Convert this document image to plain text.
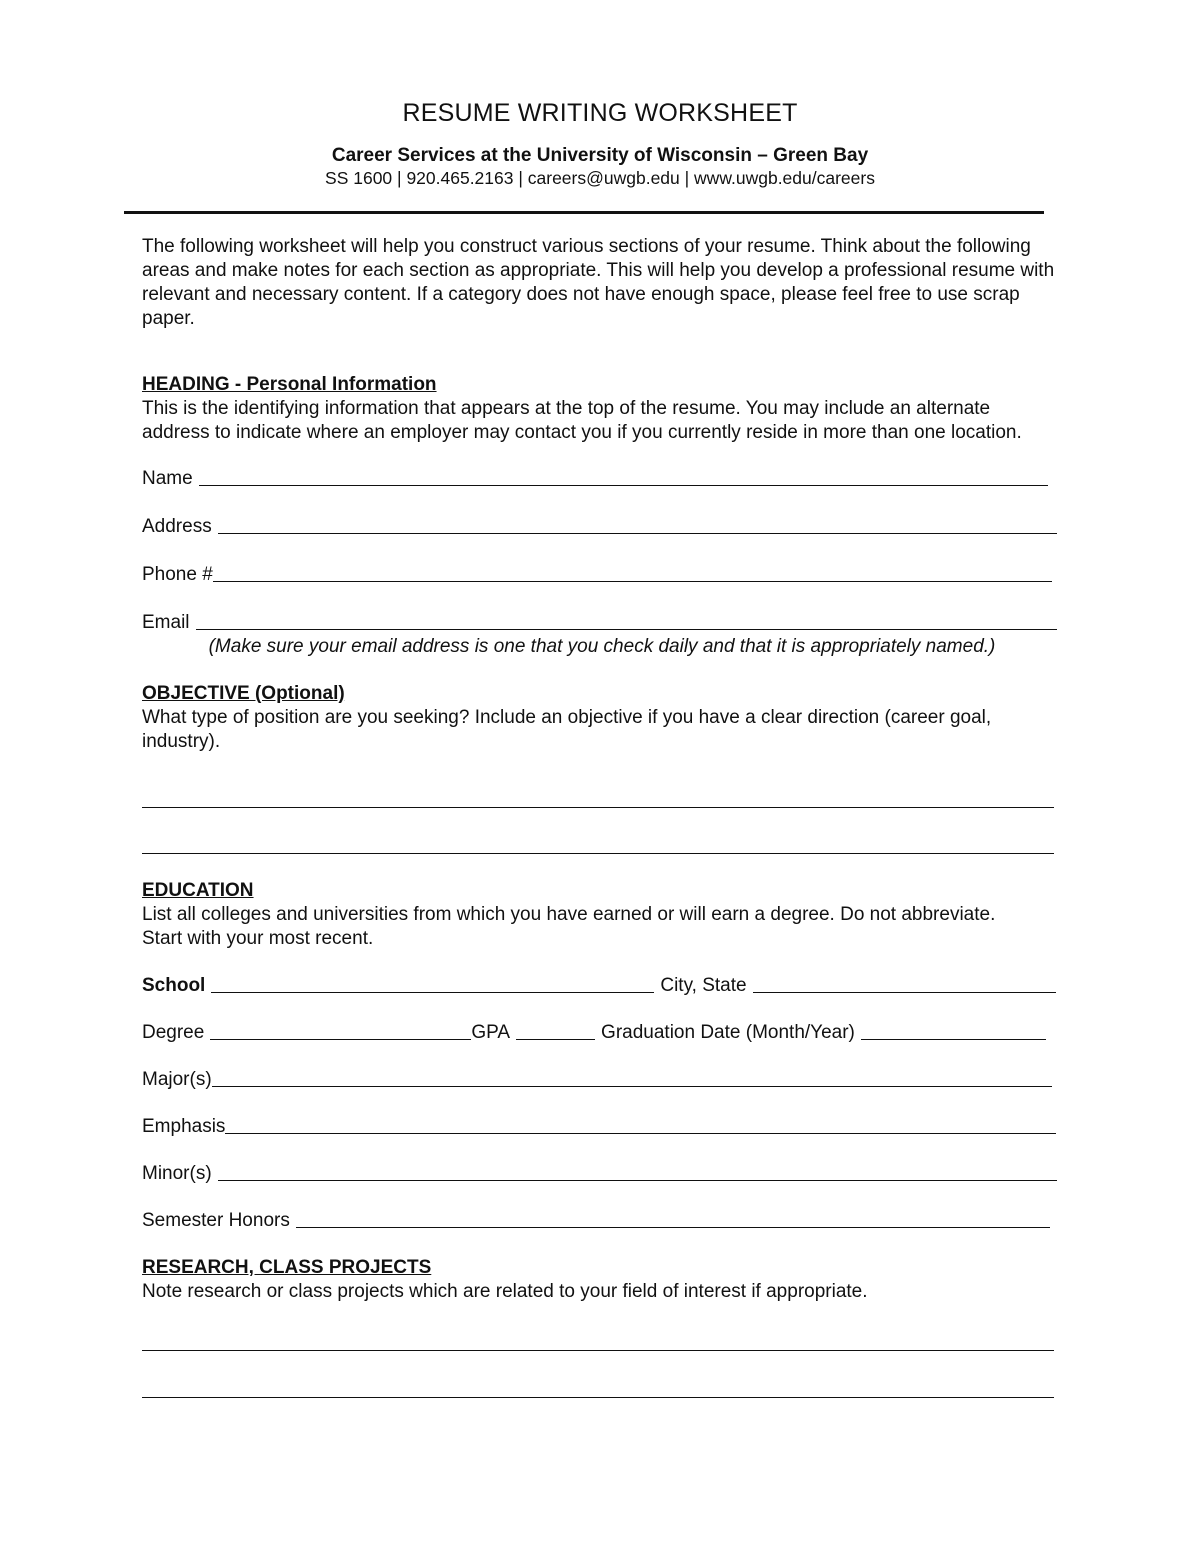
RESUME WRITING WORKSHEET
Career Services at the University of Wisconsin – Green Bay
SS 1600 | 920.465.2163 | careers@uwgb.edu | www.uwgb.edu/careers

The following worksheet will help you construct various sections of your resume. Think about the following areas and make notes for each section as appropriate. This will help you develop a professional resume with relevant and necessary content. If a category does not have enough space, please feel free to use scrap paper.

HEADING - Personal Information

This is the identifying information that appears at the top of the resume. You may include an alternate address to indicate where an employer may contact you if you currently reside in more than one location.

Name
Address
Phone #
Email
(Make sure your email address is one that you check daily and that it is appropriately named.)

OBJECTIVE (Optional)

What type of position are you seeking? Include an objective if you have a clear direction (career goal, industry).

EDUCATION

List all colleges and universities from which you have earned or will earn a degree. Do not abbreviate. Start with your most recent.

School	City, State
Degree	GPA	Graduation Date (Month/Year)
Major(s)
Emphasis
Minor(s)
Semester Honors

RESEARCH, CLASS PROJECTS

Note research or class projects which are related to your field of interest if appropriate.
